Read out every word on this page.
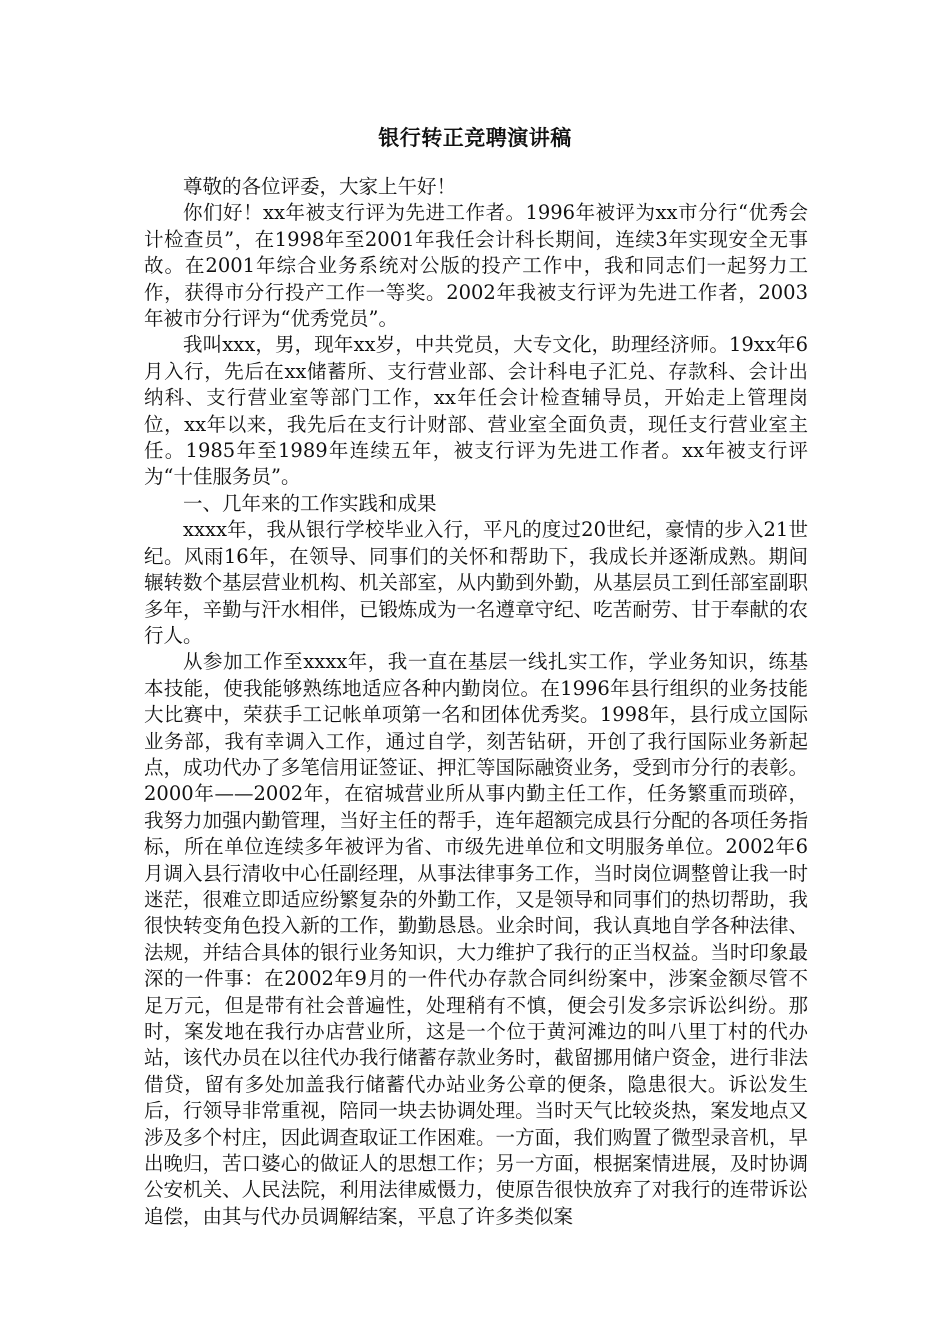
银行转正竞聘演讲稿

尊敬的各位评委，大家上午好！

你们好！xx年被支行评为先进工作者。1996年被评为xx市分行“优秀会计检查员”，在1998年至2001年我任会计科长期间，连续3年实现安全无事故。在2001年综合业务系统对公版的投产工作中，我和同志们一起努力工作，获得市分行投产工作一等奖。2002年我被支行评为先进工作者，2003年被市分行评为“优秀党员”。

我叫xxx，男，现年xx岁，中共党员，大专文化，助理经济师。19xx年6月入行，先后在xx储蓄所、支行营业部、会计科电子汇兑、存款科、会计出纳科、支行营业室等部门工作，xx年任会计检查辅导员，开始走上管理岗位，xx年以来，我先后在支行计财部、营业室全面负责，现任支行营业室主任。1985年至1989年连续五年，被支行评为先进工作者。xx年被支行评为“十佳服务员”。

一、几年来的工作实践和成果

xxxx年，我从银行学校毕业入行，平凡的度过20世纪，豪情的步入21世纪。风雨16年，在领导、同事们的关怀和帮助下，我成长并逐渐成熟。期间辗转数个基层营业机构、机关部室，从内勤到外勤，从基层员工到任部室副职多年，辛勤与汗水相伴，已锻炼成为一名遵章守纪、吃苦耐劳、甘于奉献的农行人。

从参加工作至xxxx年，我一直在基层一线扎实工作，学业务知识，练基本技能，使我能够熟练地适应各种内勤岗位。在1996年县行组织的业务技能大比赛中，荣获手工记帐单项第一名和团体优秀奖。1998年，县行成立国际业务部，我有幸调入工作，通过自学，刻苦钻研，开创了我行国际业务新起点，成功代办了多笔信用证签证、押汇等国际融资业务，受到市分行的表彰。2000年——2002年，在宿城营业所从事内勤主任工作，任务繁重而琐碎，我努力加强内勤管理，当好主任的帮手，连年超额完成县行分配的各项任务指标，所在单位连续多年被评为省、市级先进单位和文明服务单位。2002年6月调入县行清收中心任副经理，从事法律事务工作，当时岗位调整曾让我一时迷茫，很难立即适应纷繁复杂的外勤工作，又是领导和同事们的热切帮助，我很快转变角色投入新的工作，勤勤恳恳。业余时间，我认真地自学各种法律、法规，并结合具体的银行业务知识，大力维护了我行的正当权益。当时印象最深的一件事：在2002年9月的一件代办存款合同纠纷案中，涉案金额尽管不足万元，但是带有社会普遍性，处理稍有不慎，便会引发多宗诉讼纠纷。那时，案发地在我行办店营业所，这是一个位于黄河滩边的叫八里丁村的代办站，该代办员在以往代办我行储蓄存款业务时，截留挪用储户资金，进行非法借贷，留有多处加盖我行储蓄代办站业务公章的便条，隐患很大。诉讼发生后，行领导非常重视，陪同一块去协调处理。当时天气比较炎热，案发地点又涉及多个村庄，因此调查取证工作困难。一方面，我们购置了微型录音机，早出晚归，苦口婆心的做证人的思想工作；另一方面，根据案情进展，及时协调公安机关、人民法院，利用法律威慑力，使原告很快放弃了对我行的连带诉讼追偿，由其与代办员调解结案，平息了许多类似案
